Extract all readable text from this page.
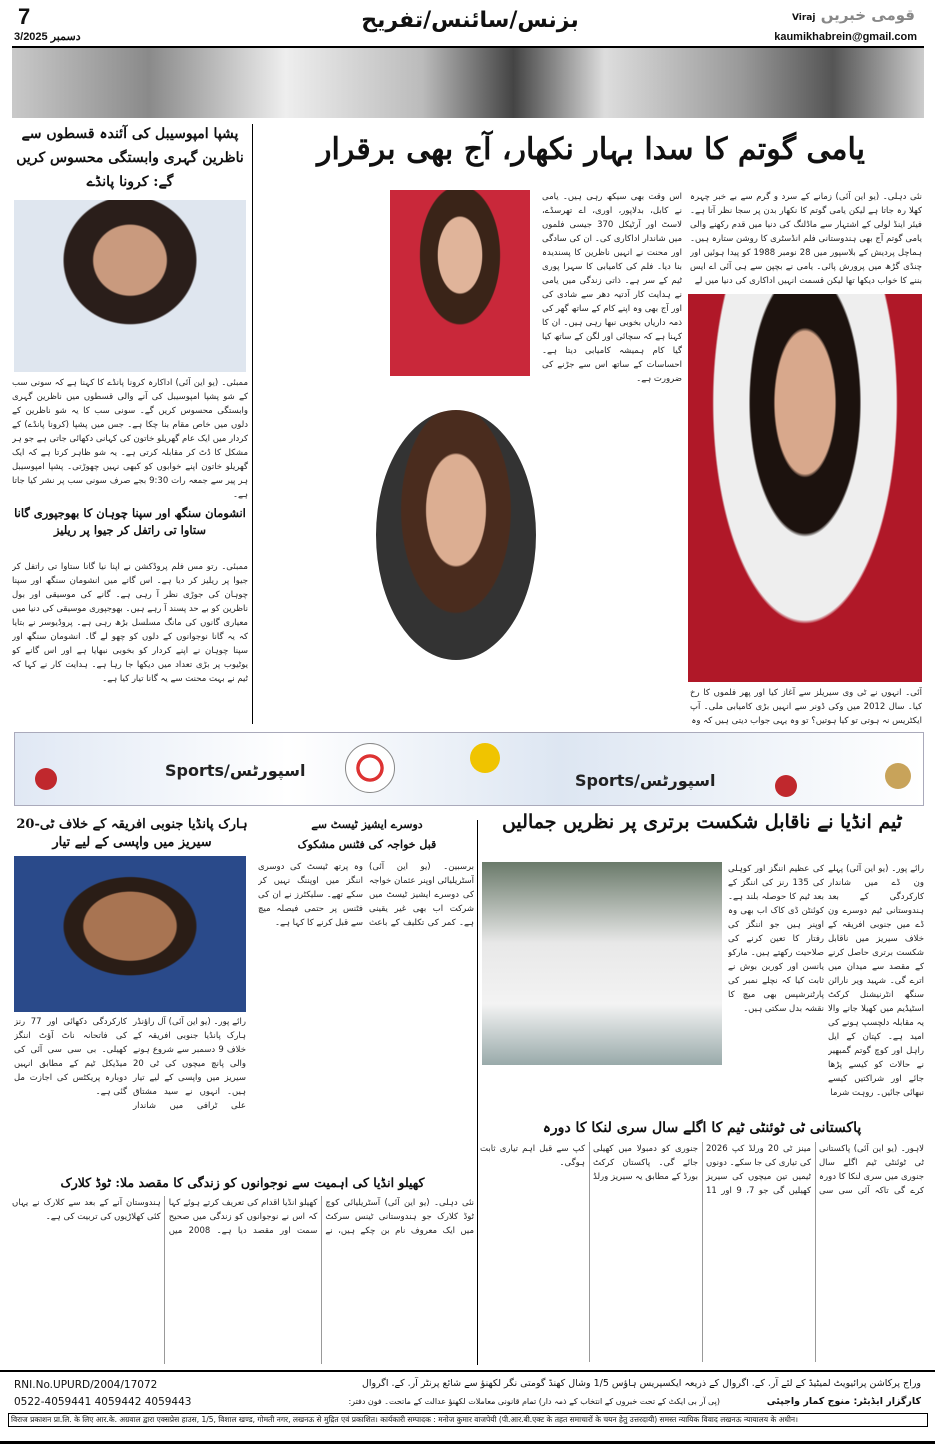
7
3/دسمبر 2025
بزنس/سائنس/تفریح	قومی خبریں Viraj
kaumikhabrein@gmail.com
پشپا امپوسیبل کی آئندہ قسطوں سے ناظرین گہری وابستگی محسوس کریں گے: کرونا پانڈے
ممبئی۔ (یو این آئی) اداکارہ کرونا پانڈے کا کہنا ہے کہ سونی سب کے شو پشپا امپوسیبل کی آنے والی قسطوں میں ناظرین گہری وابستگی محسوس کریں گے۔ سونی سب کا یہ شو ناظرین کے دلوں میں خاص مقام بنا چکا ہے۔ جس میں پشپا (کرونا پانڈے) کے کردار میں ایک عام گھریلو خاتون کی کہانی دکھائی جاتی ہے جو ہر مشکل کا ڈٹ کر مقابلہ کرتی ہے۔ یہ شو ظاہر کرتا ہے کہ ایک گھریلو خاتون اپنے خوابوں کو کبھی نہیں چھوڑتی۔ پشپا امپوسیبل ہر پیر سے جمعہ رات 9:30 بجے صرف سونی سب پر نشر کیا جاتا ہے۔
انشومان سنگھ اور سپنا چوہان کا بھوجپوری گانا ستاوا تی راتفل کر جیوا پر ریلیز
ممبئی۔ رتو مس فلم پروڈکشن نے اپنا نیا گانا ستاوا تی راتفل کر جیوا پر ریلیز کر دیا ہے۔ اس گانے میں انشومان سنگھ اور سپنا چوہان کی جوڑی نظر آ رہی ہے۔ گانے کی موسیقی اور بول ناظرین کو بے حد پسند آ رہے ہیں۔ بھوجپوری موسیقی کی دنیا میں معیاری گانوں کی مانگ مسلسل بڑھ رہی ہے۔ پروڈیوسر نے بتایا کہ یہ گانا نوجوانوں کے دلوں کو چھو لے گا۔ انشومان سنگھ اور سپنا چوہان نے اپنے کردار کو بخوبی نبھایا ہے اور اس گانے کو یوٹیوب پر بڑی تعداد میں دیکھا جا رہا ہے۔ ہدایت کار نے کہا کہ ٹیم نے بہت محنت سے یہ گانا تیار کیا ہے۔
یامی گوتم کا سدا بہار نکھار، آج بھی برقرار
نئی دہلی۔ (یو این آئی) زمانے کے سرد و گرم سے بے خبر چہرہ کھلا رہ جاتا ہے لیکن یامی گوتم کا نکھار بدن پر سجا نظر آتا ہے۔ فیئر اینڈ لولی کے اشتہار سے ماڈلنگ کی دنیا میں قدم رکھنے والی یامی گوتم آج بھی ہندوستانی فلم انڈسٹری کا روشن ستارہ ہیں۔ ہماچل پردیش کے بلاسپور میں 28 نومبر 1988 کو پیدا ہوئیں اور چنڈی گڑھ میں پرورش پائی۔ یامی نے بچپن سے ہی آئی اے ایس بننے کا خواب دیکھا تھا لیکن قسمت انہیں اداکاری کی دنیا میں لے
آئی۔ انہوں نے ٹی وی سیریلز سے آغاز کیا اور پھر فلموں کا رخ کیا۔ سال 2012 میں وکی ڈونر سے انہیں بڑی کامیابی ملی۔ آپ ایکٹریس نہ ہوتی تو کیا ہوتیں؟ تو وہ یہی جواب دیتی ہیں کہ وہ
اس وقت بھی سیکھ رہی ہیں۔ یامی نے کابل، بدلاپور، اوری، اے تھرسڈے، لاسٹ اور آرٹیکل 370 جیسی فلموں میں شاندار اداکاری کی۔ ان کی سادگی اور محنت نے انہیں ناظرین کا پسندیدہ بنا دیا۔ فلم کی کامیابی کا سہرا پوری ٹیم کے سر ہے۔ ذاتی زندگی میں یامی نے ہدایت کار آدتیہ دھر سے شادی کی اور آج بھی وہ اپنے کام کے ساتھ گھر کی ذمہ داریاں بخوبی نبھا رہی ہیں۔ ان کا کہنا ہے کہ سچائی اور لگن کے ساتھ کیا گیا کام ہمیشہ کامیابی دیتا ہے۔ احساسات کے ساتھ اس سے جڑنے کی ضرورت ہے۔
Sports/اسپورٹس
Sports/اسپورٹس
ٹیم انڈیا نے ناقابل شکست برتری پر نظریں جمالیں
رائے پور۔ (یو این آئی) پہلے ون ڈے میں شاندار کارکردگی کے بعد ہندوستانی ٹیم دوسرے ون ڈے میں جنوبی افریقہ کے خلاف سیریز میں ناقابل شکست برتری حاصل کرنے کے مقصد سے میدان میں اترے گی۔ شہید ویر نارائن سنگھ انٹرنیشنل کرکٹ اسٹیڈیم میں کھیلا جانے والا یہ مقابلہ دلچسپ ہونے کی امید ہے۔ کپتان کے ایل راہل اور کوچ گوتم گمبھیر نے حالات کو کیسے پڑھا جائے اور شراکتیں کیسے نبھائی جائیں۔ روہت شرما
کی عظیم اننگز اور کوہلی کی 135 رنز کی اننگز کے بعد ٹیم کا حوصلہ بلند ہے۔ کوئنٹن ڈی کاک اب بھی وہ اوپنر ہیں جو اننگز کی رفتار کا تعین کرنے کی صلاحیت رکھتے ہیں۔ مارکو یانسن اور کوربن بوش نے ثابت کیا کہ نچلے نمبر کی پارٹنرشپس بھی میچ کا نقشہ بدل سکتی ہیں۔
پاکستانی ٹی ٹوئنٹی ٹیم کا اگلے سال سری لنکا کا دورہ
لاہور۔ (یو این آئی) پاکستانی ٹی ٹوئنٹی ٹیم اگلے سال جنوری میں سری لنکا کا دورہ کرے گی تاکہ آئی سی سی مینز ٹی 20 ورلڈ کپ 2026 کی تیاری کی جا سکے۔ دونوں ٹیمیں تین میچوں کی سیریز کھیلیں گی جو 7، 9 اور 11 جنوری کو دمبولا میں کھیلی جائے گی۔ پاکستان کرکٹ بورڈ کے مطابق یہ سیریز ورلڈ کپ سے قبل اہم تیاری ثابت ہوگی۔
دوسرے ایشیز ٹیسٹ سے
قبل خواجہ کی فٹنس مشکوک
برسبین۔ (یو این آئی) آسٹریلیائی اوپنر عثمان خواجہ کی دوسرے ایشیز ٹیسٹ میں شرکت اب بھی غیر یقینی ہے۔ کمر کی تکلیف کے باعث وہ پرتھ ٹیسٹ کی دوسری اننگز میں اوپننگ نہیں کر سکے تھے۔ سلیکٹرز نے ان کی فٹنس پر حتمی فیصلہ میچ سے قبل کرنے کا کہا ہے۔
ہارک پانڈیا جنوبی افریقہ کے خلاف ٹی-20 سیریز میں واپسی کے لیے تیار
رائے پور۔ (یو این آئی) آل راؤنڈر ہارک پانڈیا جنوبی افریقہ کے خلاف 9 دسمبر سے شروع ہونے والی پانچ میچوں کی ٹی 20 سیریز میں واپسی کے لیے تیار ہیں۔ انہوں نے سید مشتاق علی ٹرافی میں شاندار کارکردگی دکھائی اور 77 رنز کی فاتحانہ ناٹ آؤٹ اننگز کھیلی۔ بی سی سی آئی کی میڈیکل ٹیم کے مطابق انہیں دوبارہ پریکٹس کی اجازت مل گئی ہے۔
کھیلو انڈیا کی اہمیت سے نوجوانوں کو زندگی کا مقصد ملا: ٹوڈ کلارک
نئی دہلی۔ (یو این آئی) آسٹریلیائی کوچ ٹوڈ کلارک جو ہندوستانی ٹینس سرکٹ میں ایک معروف نام بن چکے ہیں، نے کھیلو انڈیا اقدام کی تعریف کرتے ہوئے کہا کہ اس نے نوجوانوں کو زندگی میں صحیح سمت اور مقصد دیا ہے۔ 2008 میں ہندوستان آنے کے بعد سے کلارک نے یہاں کئی کھلاڑیوں کی تربیت کی ہے۔
وراج پرکاشن پرائیویٹ لمیٹیڈ کے لئے آر. کے. اگروال کے ذریعہ ایکسپریس ہاؤس 1/5 وشال کھنڈ گومتی نگر لکھنؤ سے شائع پرنٹر آر. کے. اگروال
RNI.No.UPURD/2004/17072
کارگزار ایڈیٹر: منوج کمار واجپئی
(پی آر بی ایکٹ کے تحت خبروں کے انتخاب کے ذمہ دار) تمام قانونی معاملات لکھنؤ عدالت کے ماتحت۔ فون دفتر:
0522-4059441 4059442 4059443
विराज प्रकाशन प्रा.लि. के लिए आर.के. अग्रवाल द्वारा एक्सप्रेस हाउस, 1/5, विशाल खण्ड, गोमती नगर, लखनऊ से मुद्रित एवं प्रकाशित। कार्यकारी सम्पादक : मनोज कुमार वाजपेयी (पी.आर.बी.एक्ट के तहत समाचारों के चयन हेतु उत्तरदायी) समस्त न्यायिक विवाद लखनऊ न्यायालय के अधीन।
